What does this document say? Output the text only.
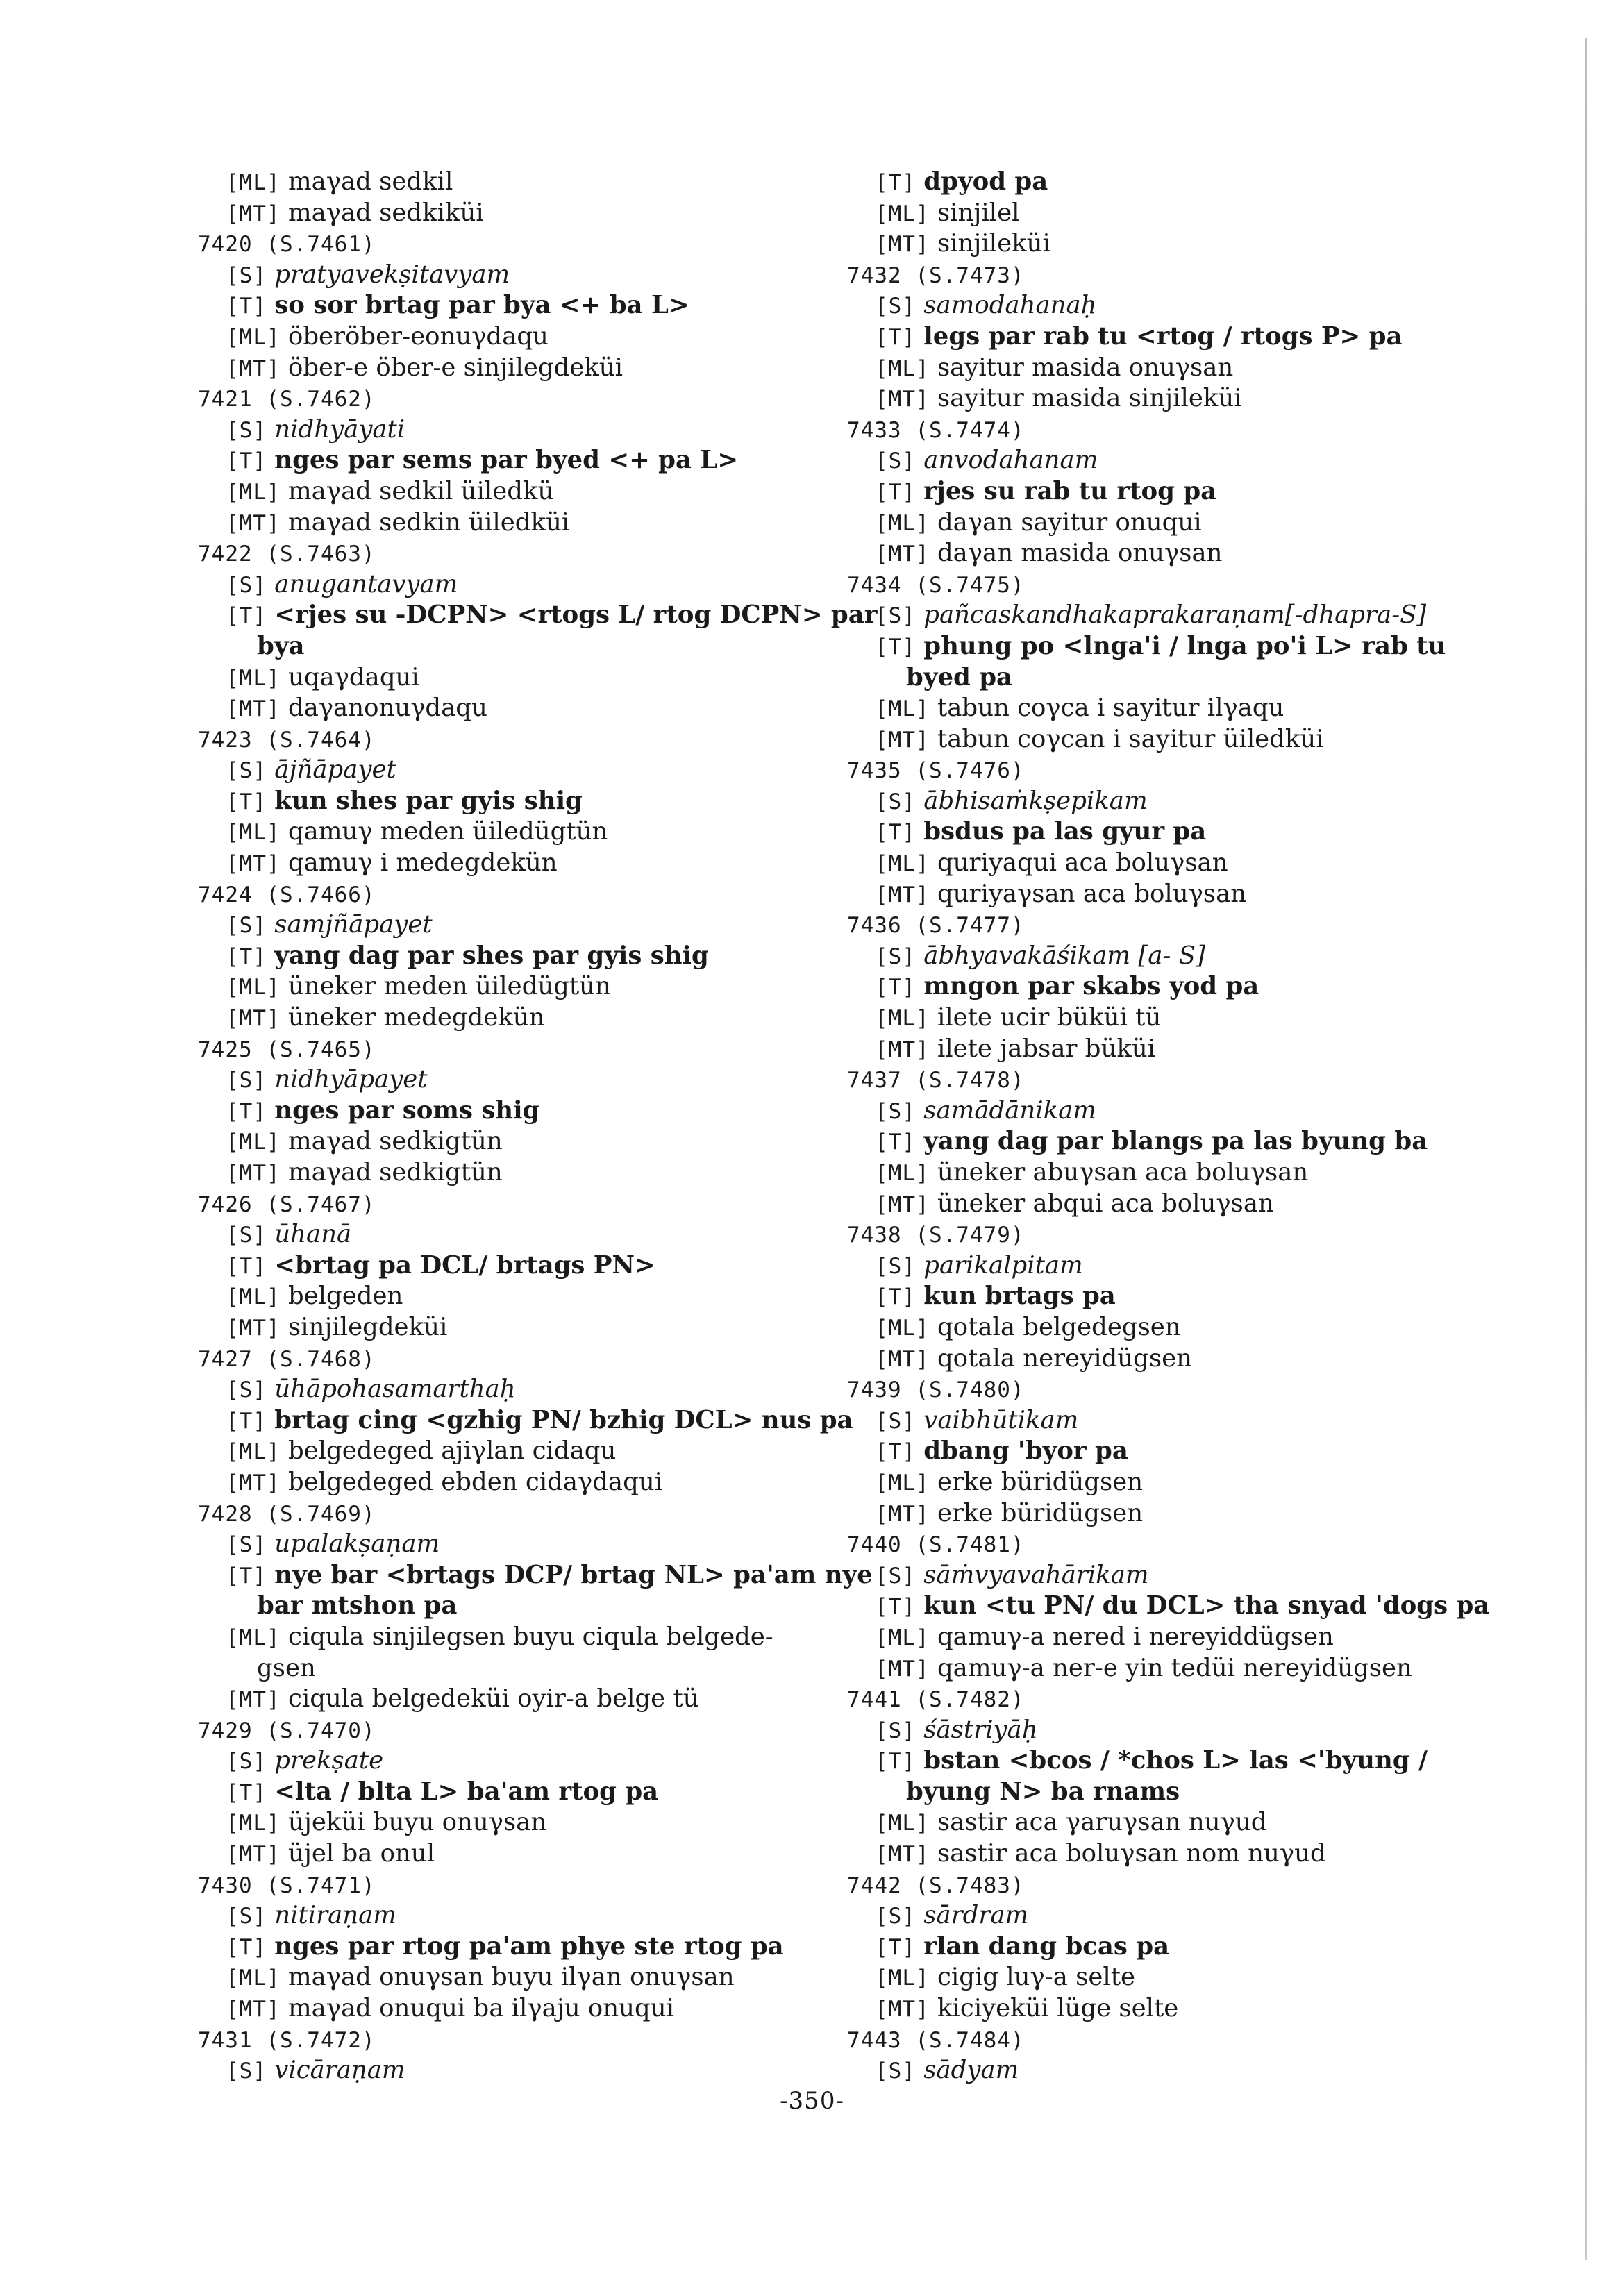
[ML] maγad sedkil
[MT] maγad sedkiküi
7420 (S.7461)
[S] pratyavekṣitavyam
[T] so sor brtag par bya <+ ba L>
[ML] öberöber-eonuγdaqu
[MT] öber-e öber-e sinjilegdeküi
7421 (S.7462)
[S] nidhyāyati
[T] nges par sems par byed <+ pa L>
[ML] maγad sedkil üiledkü
[MT] maγad sedkin üiledküi
7422 (S.7463)
[S] anugantavyam
[T] <rjes su -DCPN> <rtogs L/ rtog DCPN> par
bya
[ML] uqaγdaqui
[MT] daγanonuγdaqu
7423 (S.7464)
[S] ājñāpayet
[T] kun shes par gyis shig
[ML] qamuγ meden üiledügtün
[MT] qamuγ i medegdekün
7424 (S.7466)
[S] samjñāpayet
[T] yang dag par shes par gyis shig
[ML] üneker meden üiledügtün
[MT] üneker medegdekün
7425 (S.7465)
[S] nidhyāpayet
[T] nges par soms shig
[ML] maγad sedkigtün
[MT] maγad sedkigtün
7426 (S.7467)
[S] ūhanā
[T] <brtag pa DCL/ brtags PN>
[ML] belgeden
[MT] sinjilegdeküi
7427 (S.7468)
[S] ūhāpohasamarthaḥ
[T] brtag cing <gzhig PN/ bzhig DCL> nus pa
[ML] belgedeged ajiγlan cidaqu
[MT] belgedeged ebden cidaγdaqui
7428 (S.7469)
[S] upalakṣaṇam
[T] nye bar <brtags DCP/ brtag NL> pa'am nye
bar mtshon pa
[ML] ciqula sinjilegsen buyu ciqula belgede-
gsen
[MT] ciqula belgedeküi oyir-a belge tü
7429 (S.7470)
[S] prekṣate
[T] <lta / blta L> ba'am rtog pa
[ML] üjeküi buyu onuγsan
[MT] üjel ba onul
7430 (S.7471)
[S] nitiraṇam
[T] nges par rtog pa'am phye ste rtog pa
[ML] maγad onuγsan buyu ilγan onuγsan
[MT] maγad onuqui ba ilγaju onuqui
7431 (S.7472)
[S] vicāraṇam
[T] dpyod pa
[ML] sinjilel
[MT] sinjileküi
7432 (S.7473)
[S] samodahanaḥ
[T] legs par rab tu <rtog / rtogs P> pa
[ML] sayitur masida onuγsan
[MT] sayitur masida sinjileküi
7433 (S.7474)
[S] anvodahanam
[T] rjes su rab tu rtog pa
[ML] daγan sayitur onuqui
[MT] daγan masida onuγsan
7434 (S.7475)
[S] pañcaskandhakaprakaraṇam[-dhapra-S]
[T] phung po <lnga'i / lnga po'i L> rab tu
byed pa
[ML] tabun coγca i sayitur ilγaqu
[MT] tabun coγcan i sayitur üiledküi
7435 (S.7476)
[S] ābhisaṁkṣepikam
[T] bsdus pa las gyur pa
[ML] quriyaqui aca boluγsan
[MT] quriyaγsan aca boluγsan
7436 (S.7477)
[S] ābhyavakāśikam [a- S]
[T] mngon par skabs yod pa
[ML] ilete ucir büküi tü
[MT] ilete jabsar büküi
7437 (S.7478)
[S] samādānikam
[T] yang dag par blangs pa las byung ba
[ML] üneker abuγsan aca boluγsan
[MT] üneker abqui aca boluγsan
7438 (S.7479)
[S] parikalpitam
[T] kun brtags pa
[ML] qotala belgedegsen
[MT] qotala nereyidügsen
7439 (S.7480)
[S] vaibhūtikam
[T] dbang 'byor pa
[ML] erke büridügsen
[MT] erke büridügsen
7440 (S.7481)
[S] sāṁvyavahārikam
[T] kun <tu PN/ du DCL> tha snyad 'dogs pa
[ML] qamuγ-a nered i nereyiddügsen
[MT] qamuγ-a ner-e yin tedüi nereyidügsen
7441 (S.7482)
[S] śāstriyāḥ
[T] bstan <bcos / *chos L> las <'byung /
byung N> ba rnams
[ML] sastir aca γaruγsan nuγud
[MT] sastir aca boluγsan nom nuγud
7442 (S.7483)
[S] sārdram
[T] rlan dang bcas pa
[ML] cigig luγ-a selte
[MT] kiciyeküi lüge selte
7443 (S.7484)
[S] sādyam
-350-
